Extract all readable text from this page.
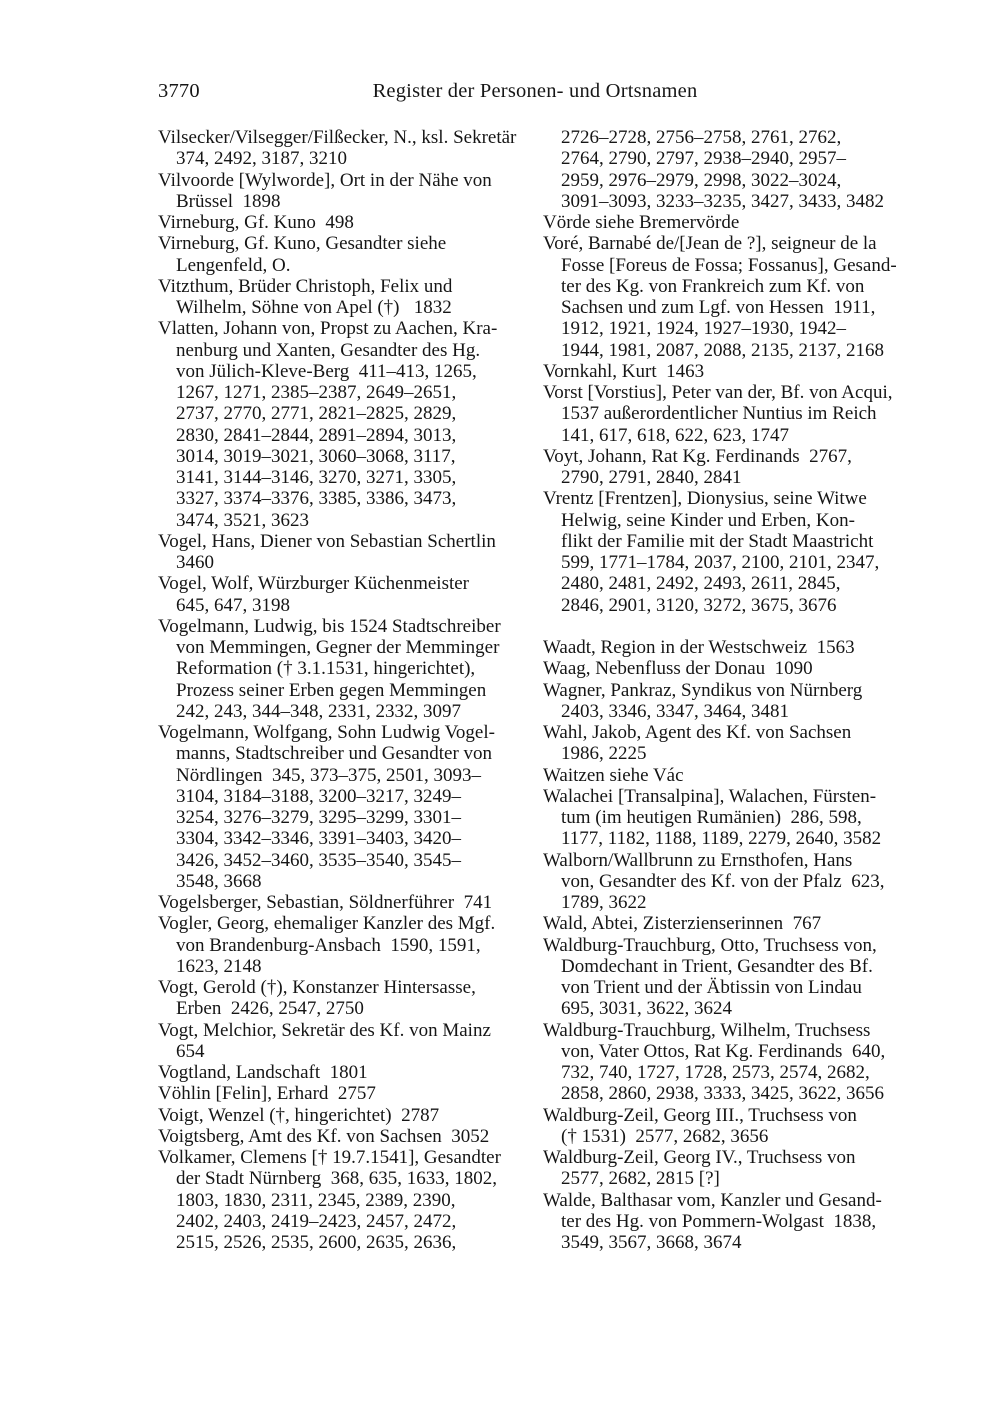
3770	Register der Personen- und Ortsnamen
Vilsecker/Vilsegger/Filßecker, N., ksl. Sekretär
374, 2492, 3187, 3210
Vilvoorde [Wylworde], Ort in der Nähe von
Brüssel  1898
Virneburg, Gf. Kuno  498
Virneburg, Gf. Kuno, Gesandter siehe
Lengenfeld, O.
Vitzthum, Brüder Christoph, Felix und
Wilhelm, Söhne von Apel (†)   1832
Vlatten, Johann von, Propst zu Aachen, Kra-
nenburg und Xanten, Gesandter des Hg.
von Jülich-Kleve-Berg  411–413, 1265,
1267, 1271, 2385–2387, 2649–2651,
2737, 2770, 2771, 2821–2825, 2829,
2830, 2841–2844, 2891–2894, 3013,
3014, 3019–3021, 3060–3068, 3117,
3141, 3144–3146, 3270, 3271, 3305,
3327, 3374–3376, 3385, 3386, 3473,
3474, 3521, 3623
Vogel, Hans, Diener von Sebastian Schertlin
3460
Vogel, Wolf, Würzburger Küchenmeister
645, 647, 3198
Vogelmann, Ludwig, bis 1524 Stadtschreiber
von Memmingen, Gegner der Memminger
Reformation († 3.1.1531, hingerichtet),
Prozess seiner Erben gegen Memmingen
242, 243, 344–348, 2331, 2332, 3097
Vogelmann, Wolfgang, Sohn Ludwig Vogel-
manns, Stadtschreiber und Gesandter von
Nördlingen  345, 373–375, 2501, 3093–
3104, 3184–3188, 3200–3217, 3249–
3254, 3276–3279, 3295–3299, 3301–
3304, 3342–3346, 3391–3403, 3420–
3426, 3452–3460, 3535–3540, 3545–
3548, 3668
Vogelsberger, Sebastian, Söldnerführer  741
Vogler, Georg, ehemaliger Kanzler des Mgf.
von Brandenburg-Ansbach  1590, 1591,
1623, 2148
Vogt, Gerold (†), Konstanzer Hintersasse,
Erben  2426, 2547, 2750
Vogt, Melchior, Sekretär des Kf. von Mainz
654
Vogtland, Landschaft  1801
Vöhlin [Felin], Erhard  2757
Voigt, Wenzel (†, hingerichtet)  2787
Voigtsberg, Amt des Kf. von Sachsen  3052
Volkamer, Clemens [† 19.7.1541], Gesandter
der Stadt Nürnberg  368, 635, 1633, 1802,
1803, 1830, 2311, 2345, 2389, 2390,
2402, 2403, 2419–2423, 2457, 2472,
2515, 2526, 2535, 2600, 2635, 2636,
2726–2728, 2756–2758, 2761, 2762,
2764, 2790, 2797, 2938–2940, 2957–
2959, 2976–2979, 2998, 3022–3024,
3091–3093, 3233–3235, 3427, 3433, 3482
Vörde siehe Bremervörde
Voré, Barnabé de/[Jean de ?], seigneur de la
Fosse [Foreus de Fossa; Fossanus], Gesand-
ter des Kg. von Frankreich zum Kf. von
Sachsen und zum Lgf. von Hessen  1911,
1912, 1921, 1924, 1927–1930, 1942–
1944, 1981, 2087, 2088, 2135, 2137, 2168
Vornkahl, Kurt  1463
Vorst [Vorstius], Peter van der, Bf. von Acqui,
1537 außerordentlicher Nuntius im Reich
141, 617, 618, 622, 623, 1747
Voyt, Johann, Rat Kg. Ferdinands  2767,
2790, 2791, 2840, 2841
Vrentz [Frentzen], Dionysius, seine Witwe
Helwig, seine Kinder und Erben, Kon-
flikt der Familie mit der Stadt Maastricht
599, 1771–1784, 2037, 2100, 2101, 2347,
2480, 2481, 2492, 2493, 2611, 2845,
2846, 2901, 3120, 3272, 3675, 3676

Waadt, Region in der Westschweiz  1563
Waag, Nebenfluss der Donau  1090
Wagner, Pankraz, Syndikus von Nürnberg
2403, 3346, 3347, 3464, 3481
Wahl, Jakob, Agent des Kf. von Sachsen
1986, 2225
Waitzen siehe Vác
Walachei [Transalpina], Walachen, Fürsten-
tum (im heutigen Rumänien)  286, 598,
1177, 1182, 1188, 1189, 2279, 2640, 3582
Walborn/Wallbrunn zu Ernsthofen, Hans
von, Gesandter des Kf. von der Pfalz  623,
1789, 3622
Wald, Abtei, Zisterzienserinnen  767
Waldburg-Trauchburg, Otto, Truchsess von,
Domdechant in Trient, Gesandter des Bf.
von Trient und der Äbtissin von Lindau
695, 3031, 3622, 3624
Waldburg-Trauchburg, Wilhelm, Truchsess
von, Vater Ottos, Rat Kg. Ferdinands  640,
732, 740, 1727, 1728, 2573, 2574, 2682,
2858, 2860, 2938, 3333, 3425, 3622, 3656
Waldburg-Zeil, Georg III., Truchsess von
(† 1531)  2577, 2682, 3656
Waldburg-Zeil, Georg IV., Truchsess von
2577, 2682, 2815 [?]
Walde, Balthasar vom, Kanzler und Gesand-
ter des Hg. von Pommern-Wolgast  1838,
3549, 3567, 3668, 3674
